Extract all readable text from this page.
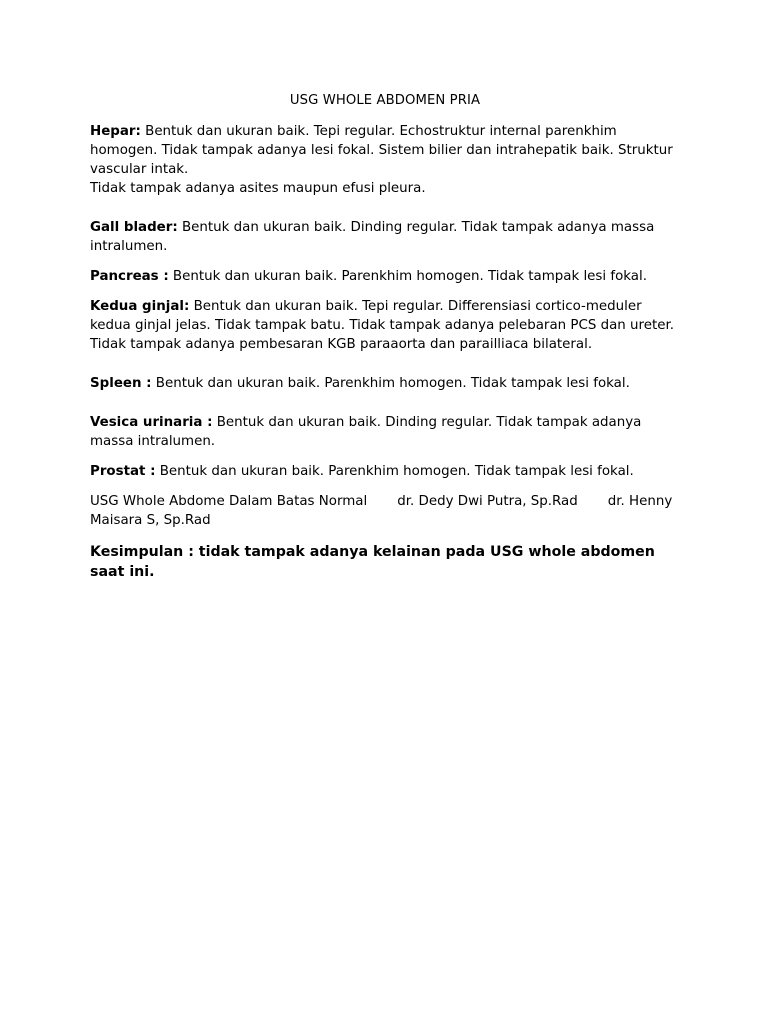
USG WHOLE ABDOMEN PRIA

Hepar: Bentuk dan ukuran baik. Tepi regular. Echostruktur internal parenkhim homogen. Tidak tampak adanya lesi fokal. Sistem bilier dan intrahepatik baik. Struktur vascular intak.
Tidak tampak adanya asites maupun efusi pleura.

Gall blader: Bentuk dan ukuran baik. Dinding regular. Tidak tampak adanya massa intralumen.

Pancreas : Bentuk dan ukuran baik. Parenkhim homogen. Tidak tampak lesi fokal.

Kedua ginjal: Bentuk dan ukuran baik. Tepi regular. Differensiasi cortico-meduler kedua ginjal jelas. Tidak tampak batu. Tidak tampak adanya pelebaran PCS dan ureter.
Tidak tampak adanya pembesaran KGB paraaorta dan parailliaca bilateral.

Spleen : Bentuk dan ukuran baik. Parenkhim homogen. Tidak tampak lesi fokal.

Vesica urinaria : Bentuk dan ukuran baik. Dinding regular. Tidak tampak adanya massa intralumen.

Prostat : Bentuk dan ukuran baik. Parenkhim homogen. Tidak tampak lesi fokal.

USG Whole Abdome Dalam Batas Normal dr. Dedy Dwi Putra, Sp.Rad dr. Henny Maisara S, Sp.Rad

Kesimpulan : tidak tampak adanya kelainan pada USG whole abdomen saat ini.
